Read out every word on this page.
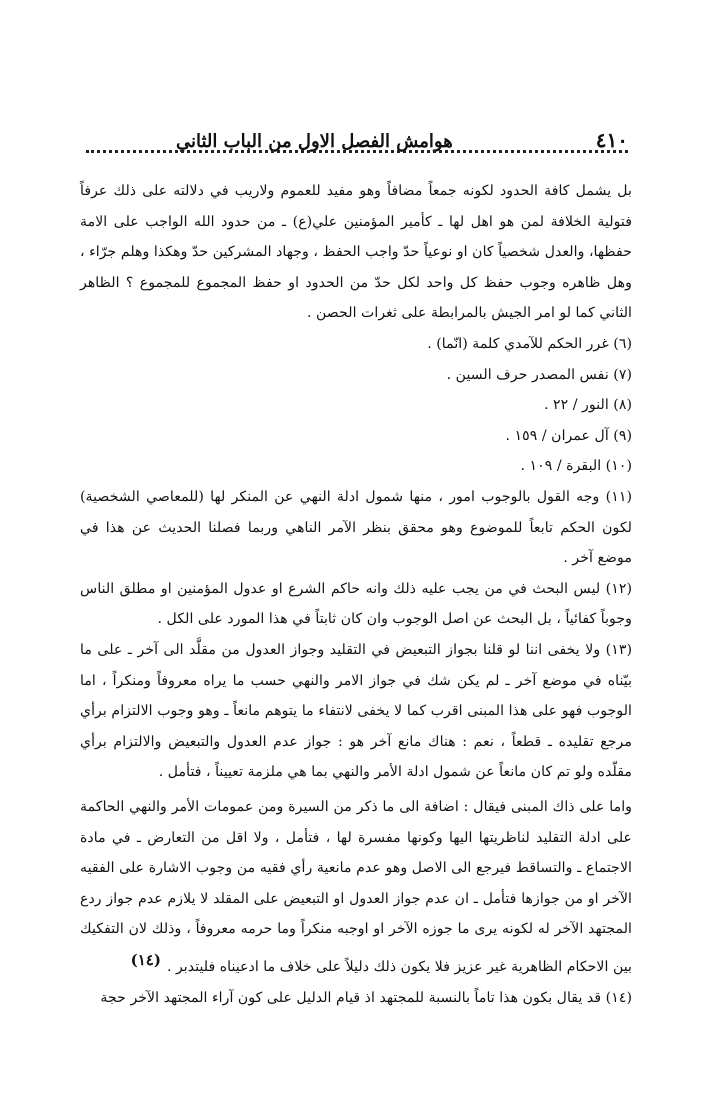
٤١٠
هوامش الفصل الاول من الباب الثاني

بل يشمل كافة الحدود لكونه جمعاً مضافاً وهو مفيد للعموم ولاريب في دلالته على ذلك عرفاً فتولية الخلافة لمن هو اهل لها ـ كأمير المؤمنين علي(ع) ـ من حدود الله الواجب على الامة حفظها، والعدل شخصياً كان او نوعياً حدّ واجب الحفظ ، وجهاد المشركين حدّ وهكذا وهلم جرّاء ، وهل ظاهره وجوب حفظ كل واحد لكل حدّ من الحدود او حفظ المجموع للمجموع ؟ الظاهر الثاني كما لو امر الجيش بالمرابطة على ثغرات الحصن .

(٦) غرر الحكم للآمدي كلمة (انّما) .

(٧) نفس المصدر حرف السين .

(٨) النور / ٢٢ .

(٩) آل عمران / ١٥٩ .

(١٠) البقرة / ١٠٩ .

(١١) وجه القول بالوجوب امور ، منها شمول ادلة النهي عن المنكر لها (للمعاصي الشخصية) لكون الحكم تابعاً للموضوع وهو محقق بنظر الآمر الناهي وربما فصلنا الحديث عن هذا في موضع آخر .

(١٢) ليس البحث في من يجب عليه ذلك وانه حاكم الشرع او عدول المؤمنين او مطلق الناس وجوباً كفائياً ، بل البحث عن اصل الوجوب وان كان ثابتاً في هذا المورد على الكل .

(١٣) ولا يخفى اننا لو قلنا بجواز التبعيض في التقليد وجواز العدول من مقلَّد الى آخر ـ على ما بيّناه في موضع آخر ـ لم يكن شك في جواز الامر والنهي حسب ما يراه معروفاً ومنكراً ، اما الوجوب فهو على هذا المبنى اقرب كما لا يخفى لانتفاء ما يتوهم مانعاً ـ وهو وجوب الالتزام برأي مرجع تقليده ـ قطعاً ، نعم : هناك مانع آخر هو : جواز عدم العدول والتبعيض والالتزام برأي مقلّده ولو تم كان مانعاً عن شمول ادلة الأمر والنهي بما هي ملزمة تعييناً ، فتأمل .

واما على ذاك المبنى فيقال : اضافة الى ما ذكر من السيرة ومن عمومات الأمر والنهي الحاكمة على ادلة التقليد لناظريتها اليها وكونها مفسرة لها ، فتأمل ، ولا اقل من التعارض ـ في مادة الاجتماع ـ والتساقط فيرجع الى الاصل وهو عدم مانعية رأي فقيه من وجوب الاشارة على الفقيه الآخر او من جوازها فتأمل ـ ان عدم جواز العدول او التبعيض على المقلد لا يلازم عدم جواز ردع المجتهد الآخر له لكونه يرى ما جوزه الآخر او اوجبه منكراً وما حرمه معروفاً ، وذلك لان التفكيك بين الاحكام الظاهرية غير عزيز فلا يكون ذلك دليلاً على خلاف ما ادعيناه فليتدبر .(١٤)

(١٤) قد يقال بكون هذا تاماً بالنسبة للمجتهد اذ قيام الدليل على كون آراء المجتهد الآخر حجة
